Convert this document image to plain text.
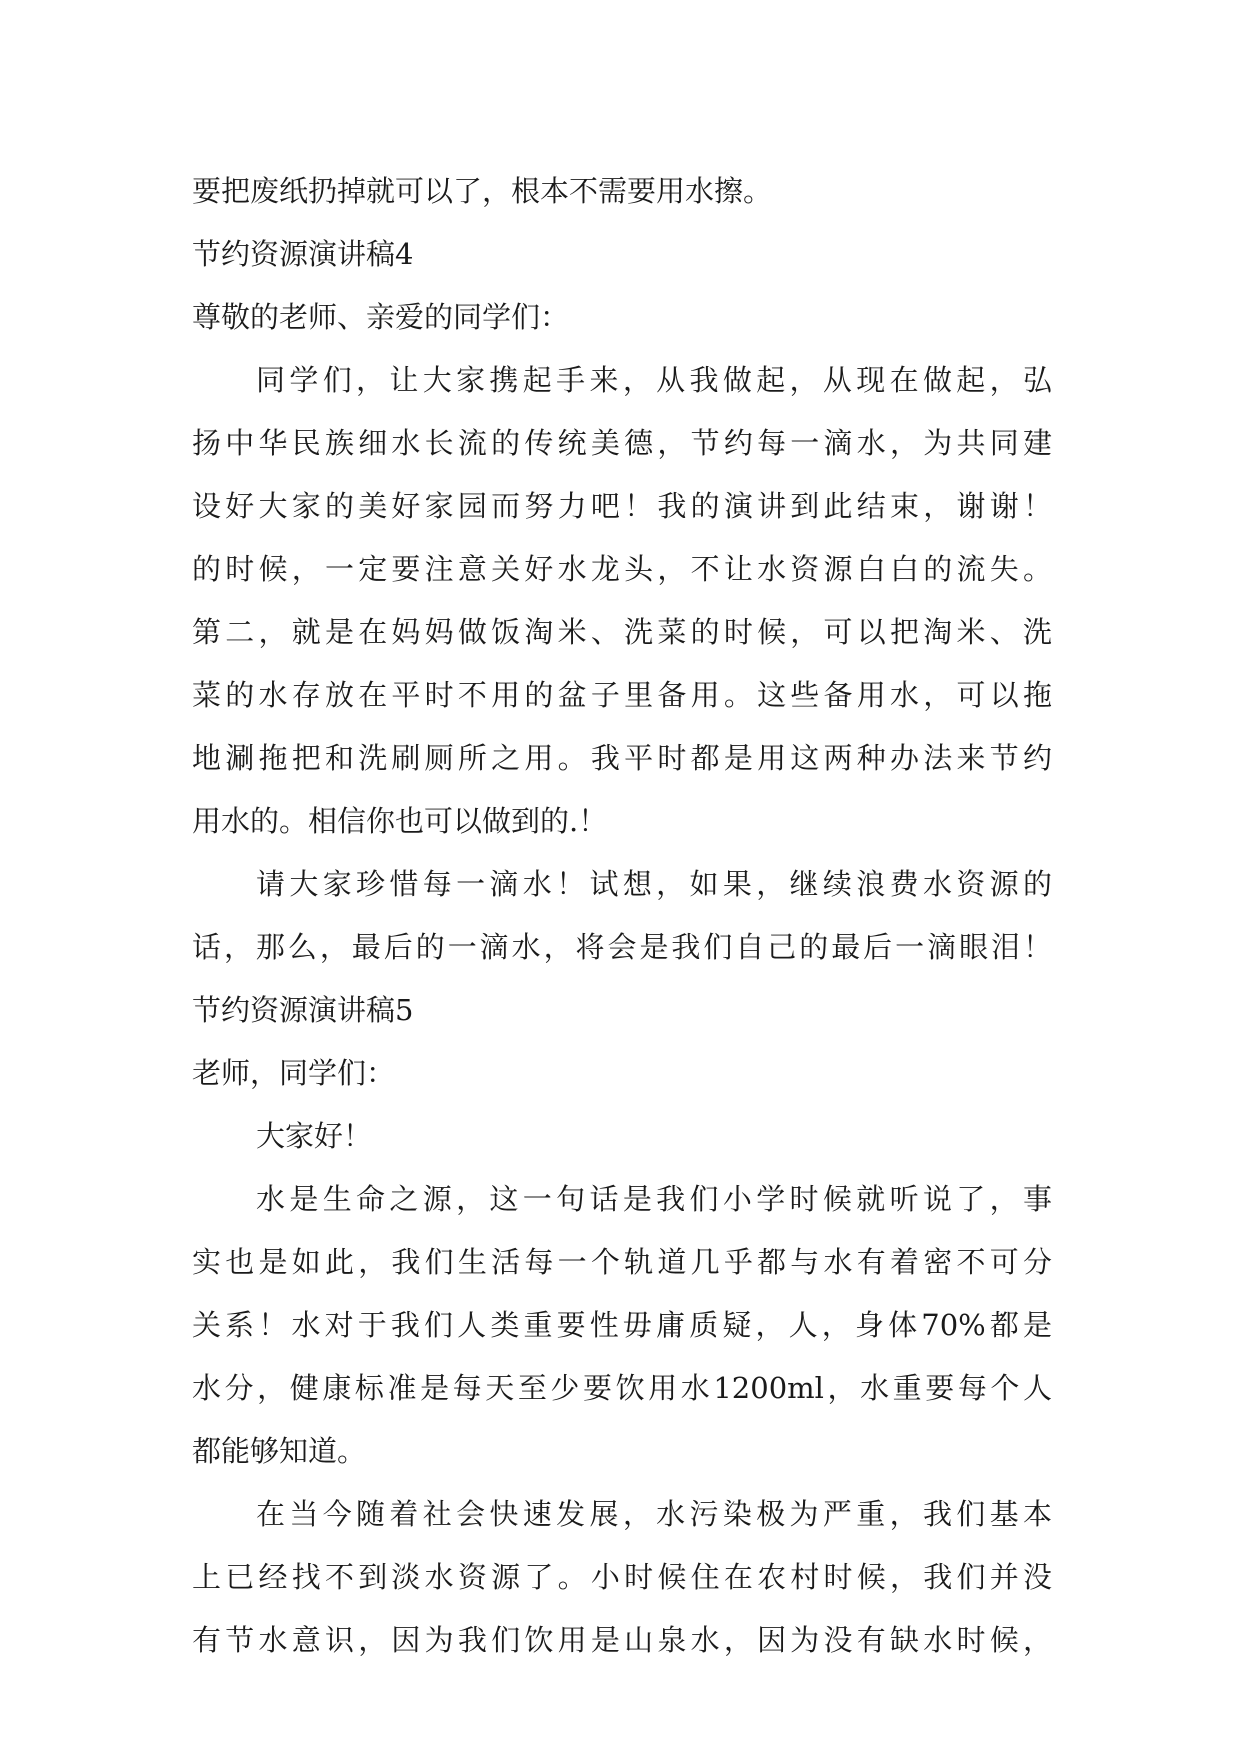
要把废纸扔掉就可以了，根本不需要用水擦。
节约资源演讲稿4
尊敬的老师、亲爱的同学们：
同学们，让大家携起手来，从我做起，从现在做起，弘
扬中华民族细水长流的传统美德，节约每一滴水，为共同建
设好大家的美好家园而努力吧！我的演讲到此结束，谢谢！
的时候，一定要注意关好水龙头，不让水资源白白的流失。
第二，就是在妈妈做饭淘米、洗菜的时候，可以把淘米、洗
菜的水存放在平时不用的盆子里备用。这些备用水，可以拖
地涮拖把和洗刷厕所之用。我平时都是用这两种办法来节约
用水的。相信你也可以做到的.！
请大家珍惜每一滴水！试想，如果，继续浪费水资源的
话，那么，最后的一滴水，将会是我们自己的最后一滴眼泪！
节约资源演讲稿5
老师，同学们：
大家好！
水是生命之源，这一句话是我们小学时候就听说了，事
实也是如此，我们生活每一个轨道几乎都与水有着密不可分
关系！水对于我们人类重要性毋庸质疑，人，身体70%都是
水分，健康标准是每天至少要饮用水1200ml，水重要每个人
都能够知道。
在当今随着社会快速发展，水污染极为严重，我们基本
上已经找不到淡水资源了。小时候住在农村时候，我们并没
有节水意识，因为我们饮用是山泉水，因为没有缺水时候，
